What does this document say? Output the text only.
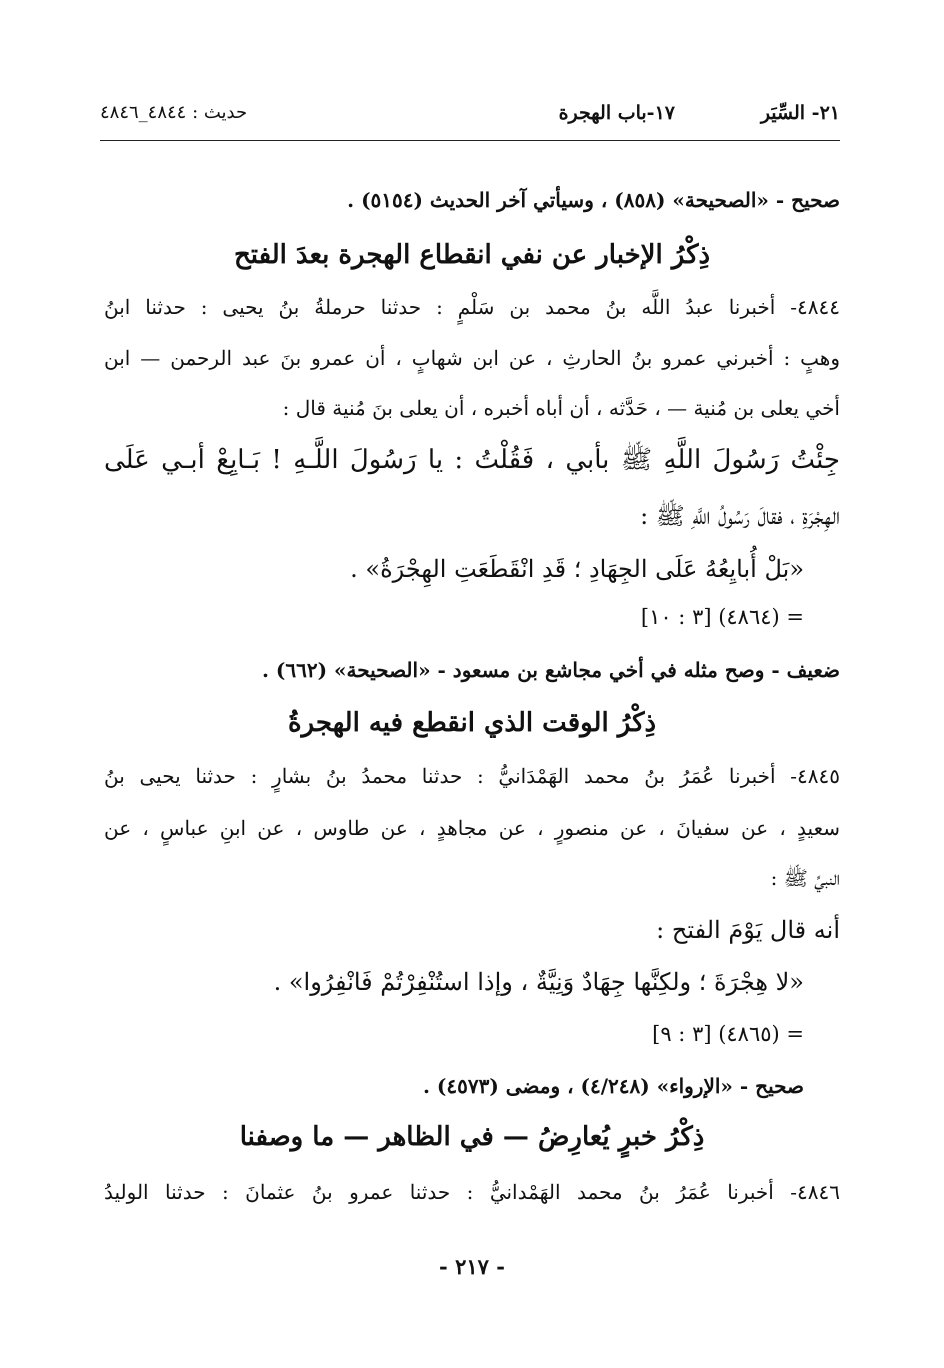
٢١- السِّيَر
١٧-باب الهجرة
حديث : ٤٨٤٤_٤٨٤٦
صحيح - «الصحيحة» (٨٥٨) ، وسيأتي آخر الحديث (٥١٥٤) .
ذِكْرُ الإخبار عن نفي انقطاع الهجرة بعدَ الفتح
٤٨٤٤- أخبرنا عبدُ اللَّه بنُ محمد بن سَلْمٍ : حدثنا حرملةُ بنُ يحيى : حدثنا ابنُ
وهبٍ : أخبرني عمرو بنُ الحارثِ ، عن ابن شهابٍ ، أن عمرو بنَ عبد الرحمن — ابن
أخي يعلى بن مُنية — ، حَدَّثه ، أن أباه أخبره ، أن يعلى بنَ مُنية قال :
جِئْتُ رَسُولَ اللَّهِ ﷺ بأبي ، فَقُلْتُ : يا رَسُولَ اللَّـهِ ! بَـايِعْ أبـي عَلَى
الهِجْرَةِ ، فقالَ رَسُولُ اللَّهِ ﷺ :
«بَلْ أُبايِعُهُ عَلَى الجِهَادِ ؛ قَدِ انْقَطَعَتِ الهِجْرَةُ» .
= (٤٨٦٤) [٣ : ١٠]
ضعيف - وصح مثله في أخي مجاشع بن مسعود - «الصحيحة» (٦٦٢) .
ذِكْرُ الوقت الذي انقطع فيه الهجرةُ
٤٨٤٥- أخبرنا عُمَرُ بنُ محمد الهَمْدَانيُّ : حدثنا محمدُ بنُ بشارٍ : حدثنا يحيى بنُ
سعيدٍ ، عن سفيانَ ، عن منصورٍ ، عن مجاهدٍ ، عن طاوس ، عن ابنِ عباسٍ ، عن
النبيِّ ﷺ :
أنه قال يَوْمَ الفتح :
«لا هِجْرَةَ ؛ ولكِنَّها جِهَادٌ وَنِيَّةٌ ، وإذا استُنْفِرْتُمْ فَانْفِرُوا» .
= (٤٨٦٥) [٣ : ٩]
صحيح - «الإرواء» (٤/٢٤٨) ، ومضى (٤٥٧٣) .
ذِكْرُ خبرٍ يُعارِضُ — في الظاهر — ما وصفنا
٤٨٤٦- أخبرنا عُمَرُ بنُ محمد الهَمْدانيُّ : حدثنا عمرو بنُ عثمانَ : حدثنا الوليدُ
- ٢١٧ -
